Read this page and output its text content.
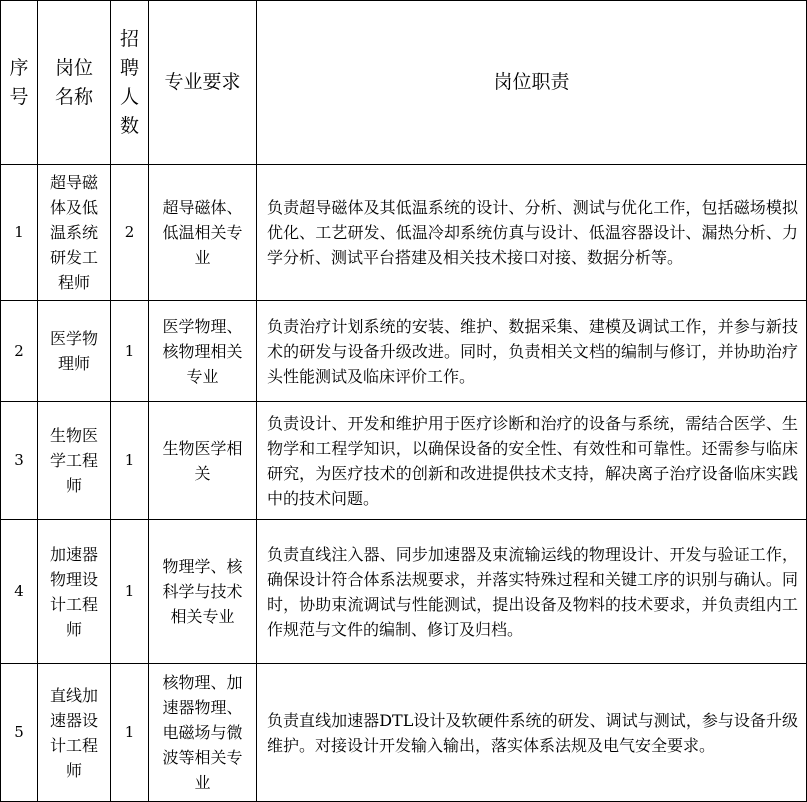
序号	岗位名称	招聘人数	专业要求	岗位职责
1	超导磁体及低温系统研发工程师	2	超导磁体、低温相关专业	负责超导磁体及其低温系统的设计、分析、测试与优化工作，包括磁场模拟优化、工艺研发、低温冷却系统仿真与设计、低温容器设计、漏热分析、力学分析、测试平台搭建及相关技术接口对接、数据分析等。
2	医学物理师	1	医学物理、核物理相关专业	负责治疗计划系统的安装、维护、数据采集、建模及调试工作，并参与新技术的研发与设备升级改进。同时，负责相关文档的编制与修订，并协助治疗头性能测试及临床评价工作。
3	生物医学工程师	1	生物医学相关	负责设计、开发和维护用于医疗诊断和治疗的设备与系统，需结合医学、生物学和工程学知识，以确保设备的安全性、有效性和可靠性。还需参与临床研究，为医疗技术的创新和改进提供技术支持，解决离子治疗设备临床实践中的技术问题。
4	加速器物理设计工程师	1	物理学、核科学与技术相关专业	负责直线注入器、同步加速器及束流输运线的物理设计、开发与验证工作，确保设计符合体系法规要求，并落实特殊过程和关键工序的识别与确认。同时，协助束流调试与性能测试，提出设备及物料的技术要求，并负责组内工作规范与文件的编制、修订及归档。
5	直线加速器设计工程师	1	核物理、加速器物理、电磁场与微波等相关专业	负责直线加速器DTL设计及软硬件系统的研发、调试与测试，参与设备升级维护。对接设计开发输入输出，落实体系法规及电气安全要求。
